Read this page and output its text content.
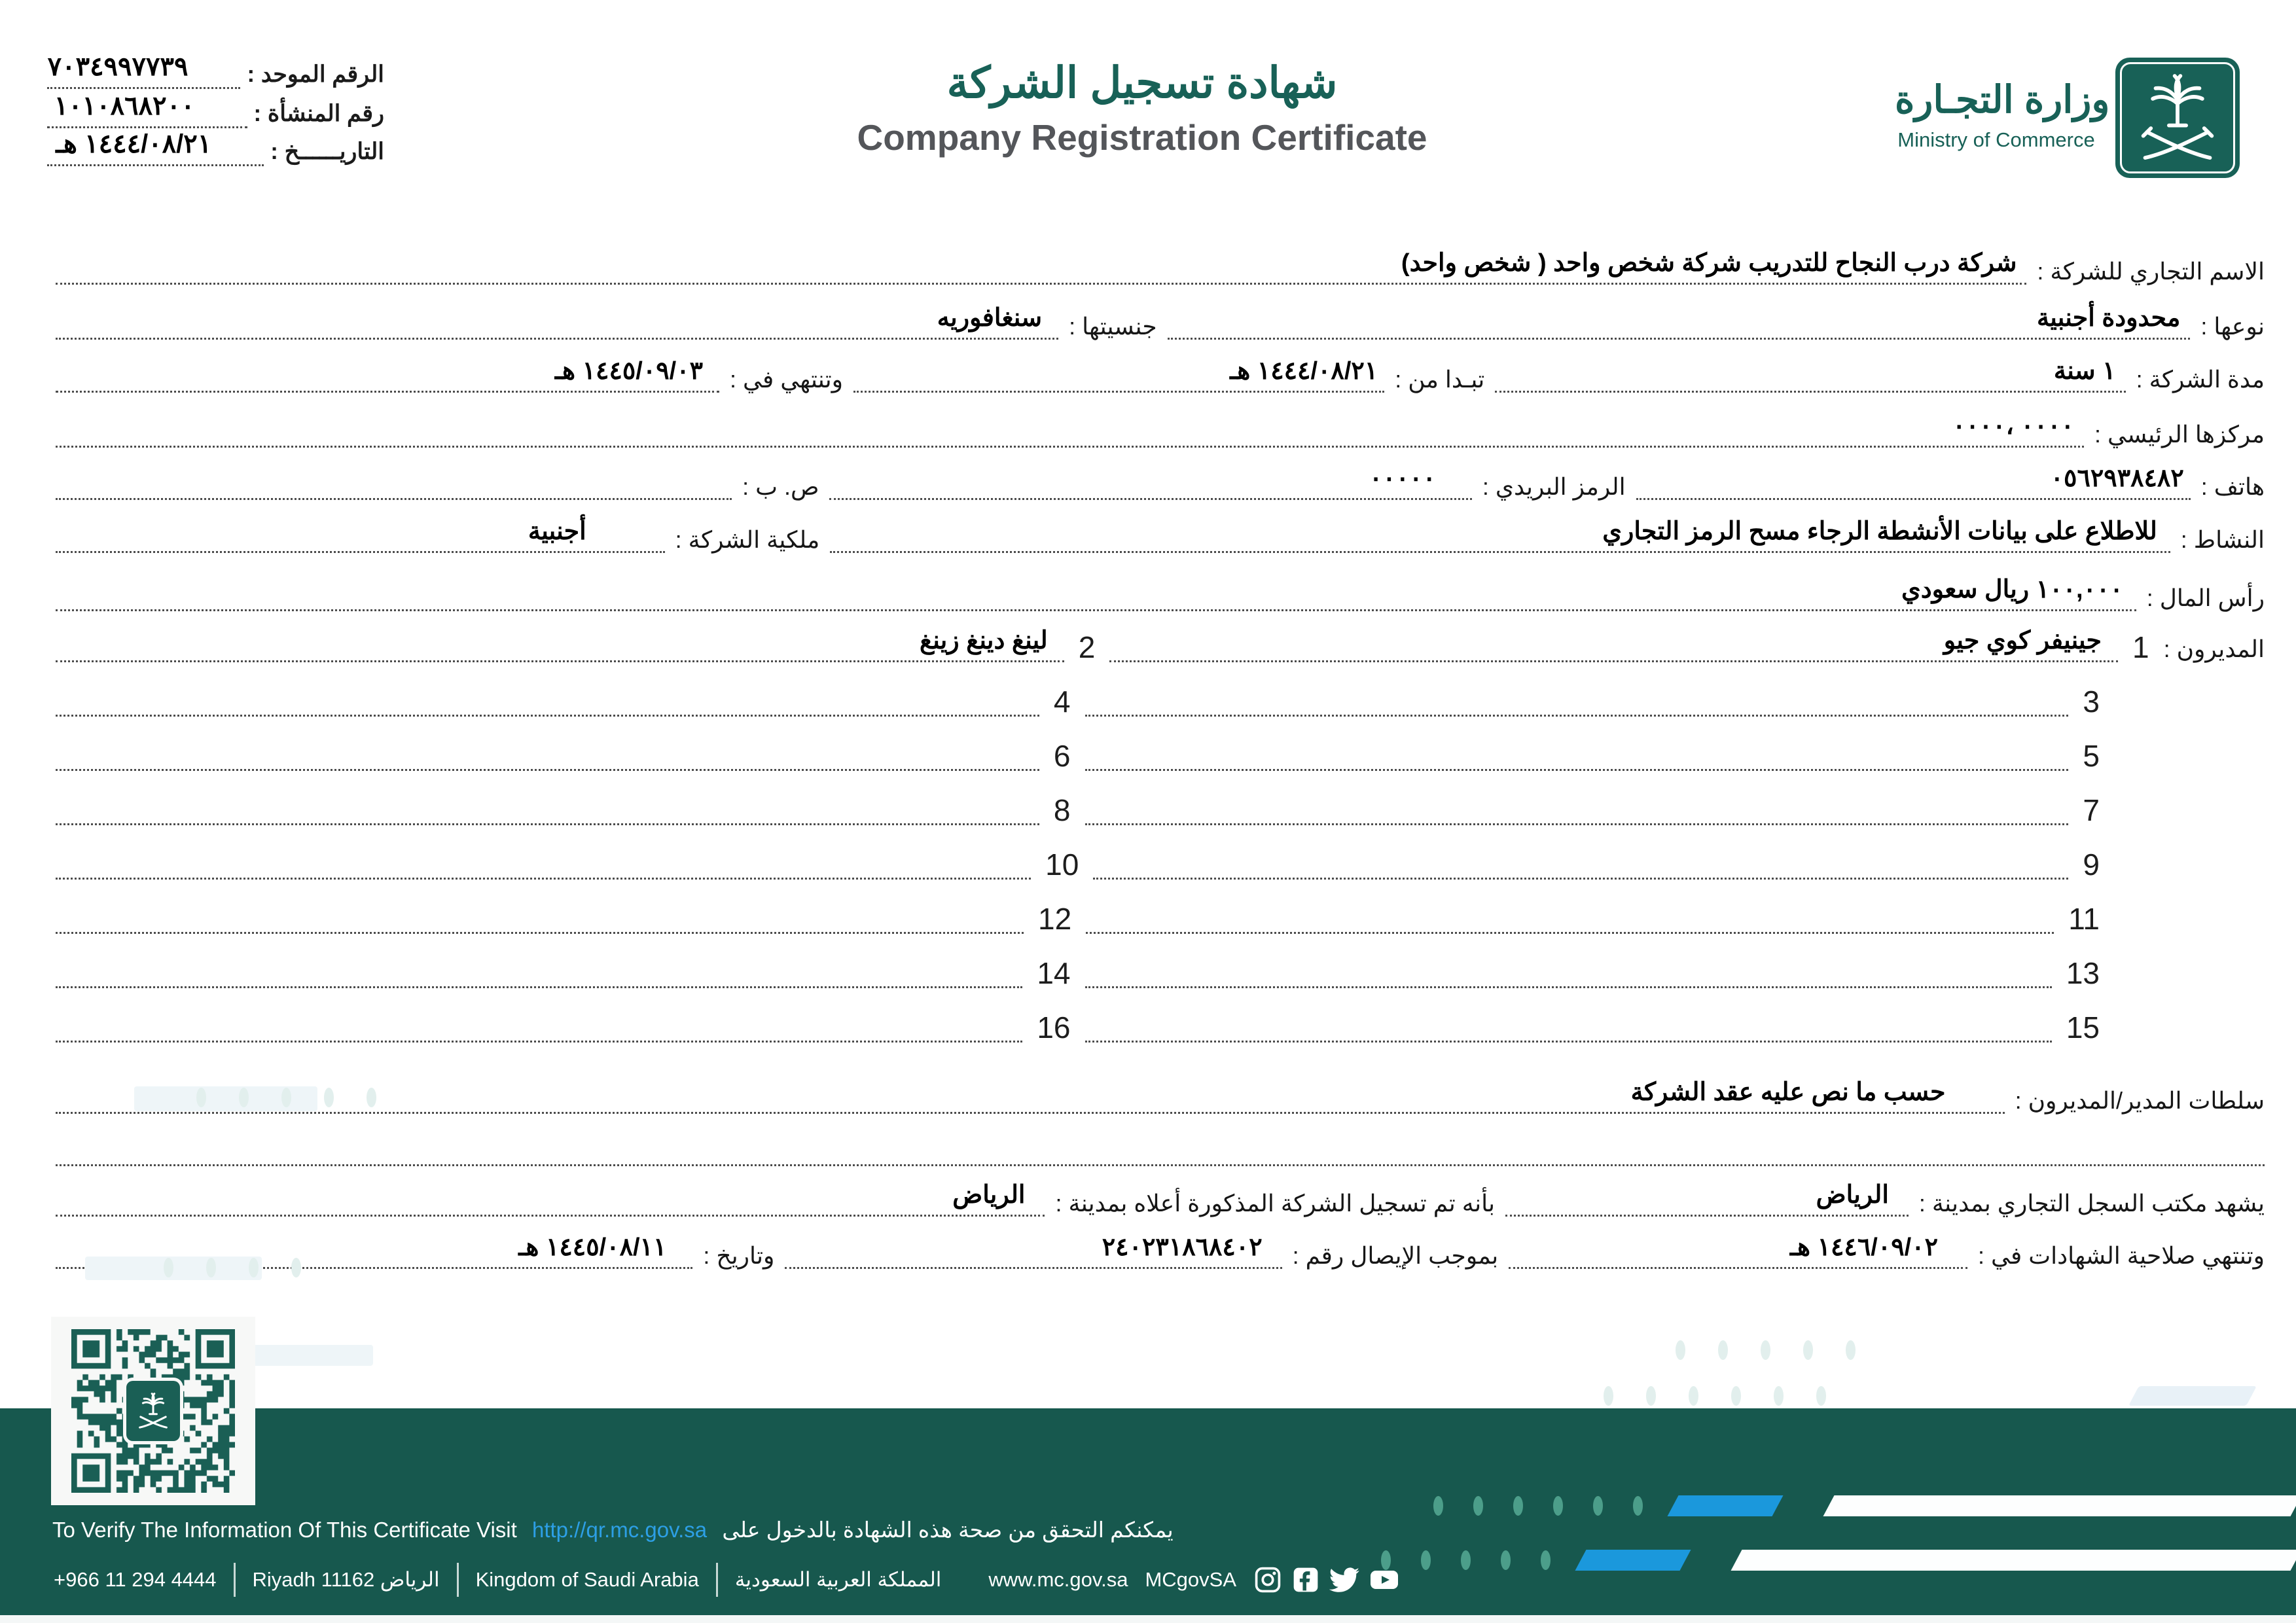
الرقم الموحد :
٧٠٣٤٩٩٧٧٣٩
رقم المنشأة :
١٠١٠٨٦٨٢٠٠
التاريــــــخ :
١٤٤٤/٠٨/٢١ هـ
شهادة تسجيل الشركة
Company Registration Certificate
وزارة التجـارة
Ministry of Commerce
الاسم التجاري للشركة :
شركة درب النجاح للتدريب شركة شخص واحد ( شخص واحد)
نوعها :
محدودة أجنبية
جنسيتها :
سنغافوريه
مدة الشركة :
١ سنة
تبـدا من :
١٤٤٤/٠٨/٢١ هـ
وتنتهي في :
١٤٤٥/٠٩/٠٣ هـ
مركزها الرئيسي :
٠٠٠٠ ،٠٠٠٠
هاتف :
٠٥٦٢٩٣٨٤٨٢
الرمز البريدي :
٠٠٠٠٠
ص. ب :
النشاط :
للاطلاع على بيانات الأنشطة الرجاء مسح الرمز التجاري
ملكية الشركة :
أجنبية
رأس المال :
١٠٠,٠٠٠ ريال سعودي
المديرون :
1
جينيفر كوي جيو
2
لينغ دينغ زينغ
3
4
5
6
7
8
9
10
11
12
13
14
15
16
سلطات المدير/المديرون :
حسب ما نص عليه عقد الشركة
يشهد مكتب السجل التجاري بمدينة :
الرياض
بأنه تم تسجيل الشركة المذكورة أعلاه بمدينة :
الرياض
وتنتهي صلاحية الشهادات في :
١٤٤٦/٠٩/٠٢ هـ
بموجب الإيصال رقم :
٢٤٠٢٣١٨٦٨٤٠٢
وتاريخ :
١٤٤٥/٠٨/١١ هـ
To Verify The Information Of This Certificate Visit http://qr.mc.gov.sa يمكنكم التحقق من صحة هذه الشهادة بالدخول على
+966 11 294 4444 Riyadh 11162 الرياض Kingdom of Saudi Arabia المملكة العربية السعودية www.mc.gov.sa MCgovSA
